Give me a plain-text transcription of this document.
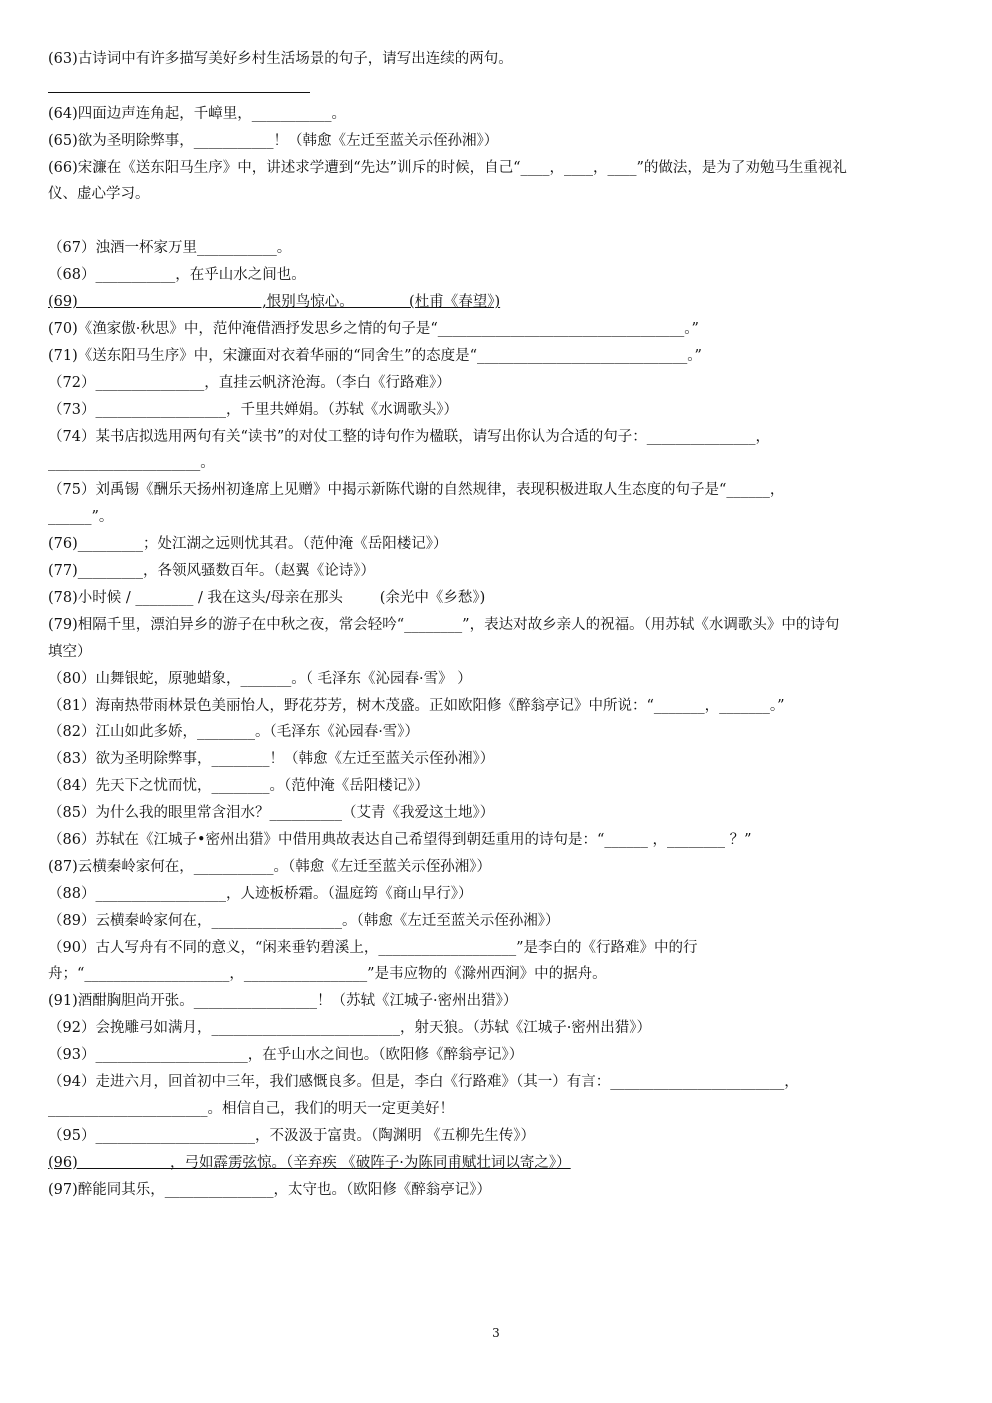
(63)古诗词中有许多描写美好乡村生活场景的句子，请写出连续的两句。
(64)四面边声连角起，千嶂里，___________。
(65)欲为圣明除弊事，___________！（韩愈《左迁至蓝关示侄孙湘》）
(66)宋濂在《送东阳马生序》中，讲述求学遭到“先达”训斥的时候，自己“____，____，____”的做法，是为了劝勉马生重视礼仪、虚心学习。
（67）浊酒一杯家万里___________。
（68）___________，在乎山水之间也。
(69)                                        ,恨别鸟惊心。            (杜甫《春望》)
(70)《渔家傲·秋思》中，范仲淹借酒抒发思乡之情的句子是“__________________________________。”
(71)《送东阳马生序》中，宋濂面对衣着华丽的“同舍生”的态度是“_____________________________。”
（72）_______________，直挂云帆济沧海。（李白《行路难》）
（73）__________________，千里共婵娟。（苏轼《水调歌头》）
（74）某书店拟选用两句有关“读书”的对仗工整的诗句作为楹联，请写出你认为合适的句子：_______________，_____________________。
（75）刘禹锡《酬乐天扬州初逢席上见赠》中揭示新陈代谢的自然规律，表现积极进取人生态度的句子是“______，______”。
(76)_________；处江湖之远则忧其君。（范仲淹《岳阳楼记》）
(77)_________，各领风骚数百年。（赵翼《论诗》）
(78)小时候 / ________ / 我在这头/母亲在那头        (余光中《乡愁》)
(79)相隔千里，漂泊异乡的游子在中秋之夜，常会轻吟“________”，表达对故乡亲人的祝福。（用苏轼《水调歌头》中的诗句填空）
（80）山舞银蛇，原驰蜡象，_______。（ 毛泽东《沁园春·雪》 ）
（81）海南热带雨林景色美丽怡人，野花芬芳，树木茂盛。正如欧阳修《醉翁亭记》中所说：“_______，_______。”
（82）江山如此多娇，________。（毛泽东《沁园春·雪》）
（83）欲为圣明除弊事，________！（韩愈《左迁至蓝关示侄孙湘》）
（84）先天下之忧而忧，________。（范仲淹《岳阳楼记》）
（85）为什么我的眼里常含泪水？__________（艾青《我爱这土地》）
（86）苏轼在《江城子•密州出猎》中借用典故表达自己希望得到朝廷重用的诗句是：“______ ，________ ？”
(87)云横秦岭家何在，___________。（韩愈《左迁至蓝关示侄孙湘》）
（88）__________________，人迹板桥霜。（温庭筠《商山早行》）
（89）云横秦岭家何在，__________________。（韩愈《左迁至蓝关示侄孙湘》）
（90）古人写舟有不同的意义，“闲来垂钓碧溪上，___________________”是李白的《行路难》中的行舟；“____________________，_________________”是韦应物的《滁州西涧》中的据舟。
(91)酒酣胸胆尚开张。_________________！（苏轼《江城子·密州出猎》）
（92）会挽雕弓如满月，__________________________，射天狼。（苏轼《江城子·密州出猎》）
（93）_____________________，在乎山水之间也。（欧阳修《醉翁亭记》）
（94）走进六月，回首初中三年，我们感慨良多。但是，李白《行路难》（其一）有言：________________________，______________________。相信自己，我们的明天一定更美好！
（95）______________________，不汲汲于富贵。（陶渊明 《五柳先生传》）
(96)                    ，弓如霹雳弦惊。（辛弃疾 《破阵子·为陈同甫赋壮词以寄之》）
(97)醉能同其乐，_______________，太守也。（欧阳修《醉翁亭记》）
3
